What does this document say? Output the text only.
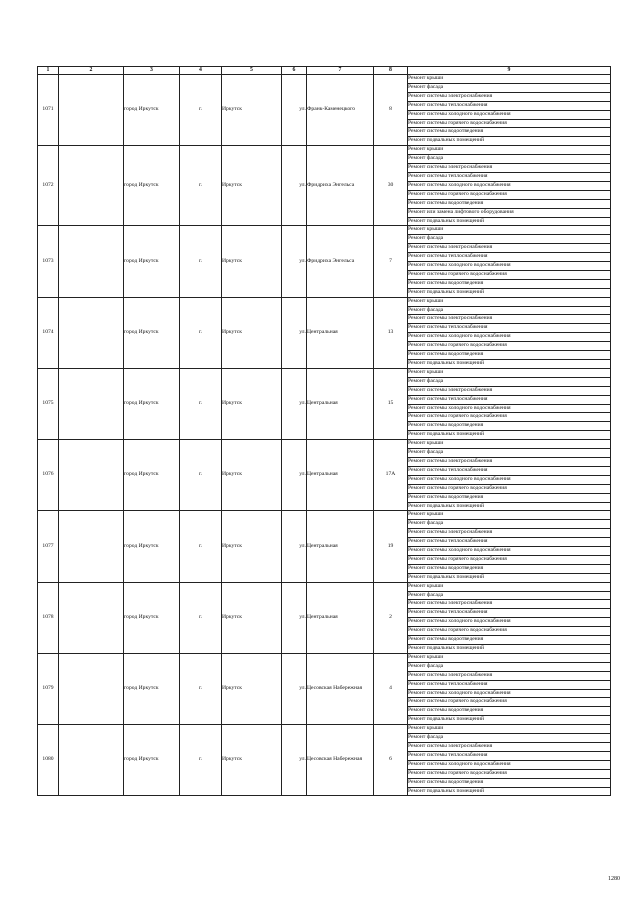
1	2	3	4	5	6	7	8	9
1071		город Иркутск	г.	Иркутск	ул.	Франк-Каменецкого	8	Ремонт крыши
								Ремонт фасада
								Ремонт системы электроснабжения
								Ремонт системы теплоснабжения
								Ремонт системы холодного водоснабжения
								Ремонт системы горячего водоснабжения
								Ремонт системы водоотведения
								Ремонт подвальных помещений
1072		город Иркутск	г.	Иркутск	ул.	Фридриха Энгельса	30	Ремонт крыши
								Ремонт фасада
								Ремонт системы электроснабжения
								Ремонт системы теплоснабжения
								Ремонт системы холодного водоснабжения
								Ремонт системы горячего водоснабжения
								Ремонт системы водоотведения
								Ремонт или замена лифтового оборудования
								Ремонт подвальных помещений
1073		город Иркутск	г.	Иркутск	ул.	Фридриха Энгельса	7	Ремонт крыши
								Ремонт фасада
								Ремонт системы электроснабжения
								Ремонт системы теплоснабжения
								Ремонт системы холодного водоснабжения
								Ремонт системы горячего водоснабжения
								Ремонт системы водоотведения
								Ремонт подвальных помещений
1074		город Иркутск	г.	Иркутск	ул.	Центральная	13	Ремонт крыши
								Ремонт фасада
								Ремонт системы электроснабжения
								Ремонт системы теплоснабжения
								Ремонт системы холодного водоснабжения
								Ремонт системы горячего водоснабжения
								Ремонт системы водоотведения
								Ремонт подвальных помещений
1075		город Иркутск	г.	Иркутск	ул.	Центральная	15	Ремонт крыши
								Ремонт фасада
								Ремонт системы электроснабжения
								Ремонт системы теплоснабжения
								Ремонт системы холодного водоснабжения
								Ремонт системы горячего водоснабжения
								Ремонт системы водоотведения
								Ремонт подвальных помещений
1076		город Иркутск	г.	Иркутск	ул.	Центральная	17А	Ремонт крыши
								Ремонт фасада
								Ремонт системы электроснабжения
								Ремонт системы теплоснабжения
								Ремонт системы холодного водоснабжения
								Ремонт системы горячего водоснабжения
								Ремонт системы водоотведения
								Ремонт подвальных помещений
1077		город Иркутск	г.	Иркутск	ул.	Центральная	19	Ремонт крыши
								Ремонт фасада
								Ремонт системы электроснабжения
								Ремонт системы теплоснабжения
								Ремонт системы холодного водоснабжения
								Ремонт системы горячего водоснабжения
								Ремонт системы водоотведения
								Ремонт подвальных помещений
1078		город Иркутск	г.	Иркутск	ул.	Центральная	2	Ремонт крыши
								Ремонт фасада
								Ремонт системы электроснабжения
								Ремонт системы теплоснабжения
								Ремонт системы холодного водоснабжения
								Ремонт системы горячего водоснабжения
								Ремонт системы водоотведения
								Ремонт подвальных помещений
1079		город Иркутск	г.	Иркутск	ул.	Цесовская Набережная	4	Ремонт крыши
								Ремонт фасада
								Ремонт системы электроснабжения
								Ремонт системы теплоснабжения
								Ремонт системы холодного водоснабжения
								Ремонт системы горячего водоснабжения
								Ремонт системы водоотведения
								Ремонт подвальных помещений
1080		город Иркутск	г.	Иркутск	ул.	Цесовская Набережная	6	Ремонт крыши
								Ремонт фасада
								Ремонт системы электроснабжения
								Ремонт системы теплоснабжения
								Ремонт системы холодного водоснабжения
								Ремонт системы горячего водоснабжения
								Ремонт системы водоотведения
								Ремонт подвальных помещений
1280
